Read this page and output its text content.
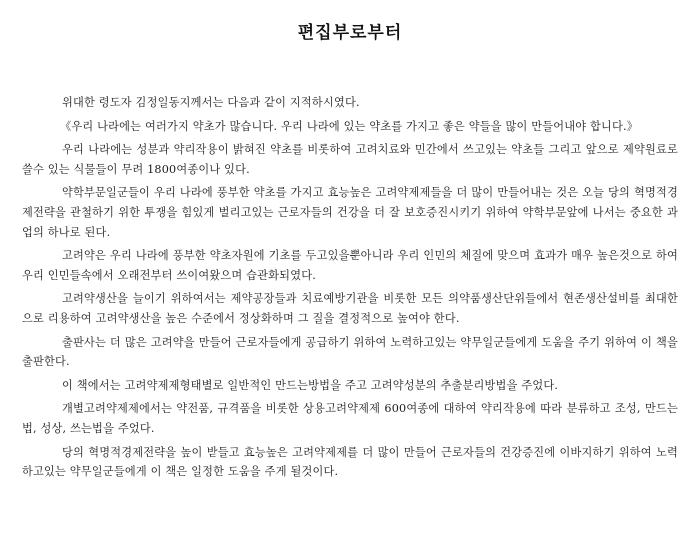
편집부로부터

위대한 령도자 김정일동지께서는 다음과 같이 지적하시였다.

《우리 나라에는 여러가지 약초가 많습니다. 우리 나라에 있는 약초를 가지고 좋은 약들을 많이 만들어내야 합니다.》

우리 나라에는 성분과 약리작용이 밝혀진 약초를 비롯하여 고려치료와 민간에서 쓰고있는 약초들 그리고 앞으로 제약원료로 쓸수 있는 식물들이 무려 1800여종이나 있다.

약학부문일군들이 우리 나라에 풍부한 약초를 가지고 효능높은 고려약제제들을 더 많이 만들어내는 것은 오늘 당의 혁명적경제전략을 관철하기 위한 투쟁을 힘있게 벌리고있는 근로자들의 건강을 더 잘 보호증진시키기 위하여 약학부문앞에 나서는 중요한 과업의 하나로 된다.

고려약은 우리 나라에 풍부한 약초자원에 기초를 두고있을뿐아니라 우리 인민의 체질에 맞으며 효과가 매우 높은것으로 하여 우리 인민들속에서 오래전부터 쓰이여왔으며 습관화되였다.

고려약생산을 늘이기 위하여서는 제약공장들과 치료예방기관을 비롯한 모든 의약품생산단위들에서 현존생산설비를 최대한으로 리용하여 고려약생산을 높은 수준에서 정상화하며 그 질을 결정적으로 높여야 한다.

출판사는 더 많은 고려약을 만들어 근로자들에게 공급하기 위하여 노력하고있는 약무일군들에게 도움을 주기 위하여 이 책을 출판한다.

이 책에서는 고려약제제형태별로 일반적인 만드는방법을 주고 고려약성분의 추출분리방법을 주었다.

개별고려약제제에서는 약전품, 규격품을 비롯한 상용고려약제제 600여종에 대하여 약리작용에 따라 분류하고 조성, 만드는법, 성상, 쓰는법을 주었다.

당의 혁명적경제전략을 높이 받들고 효능높은 고려약제제를 더 많이 만들어 근로자들의 건강증진에 이바지하기 위하여 노력하고있는 약무일군들에게 이 책은 일정한 도움을 주게 될것이다.
